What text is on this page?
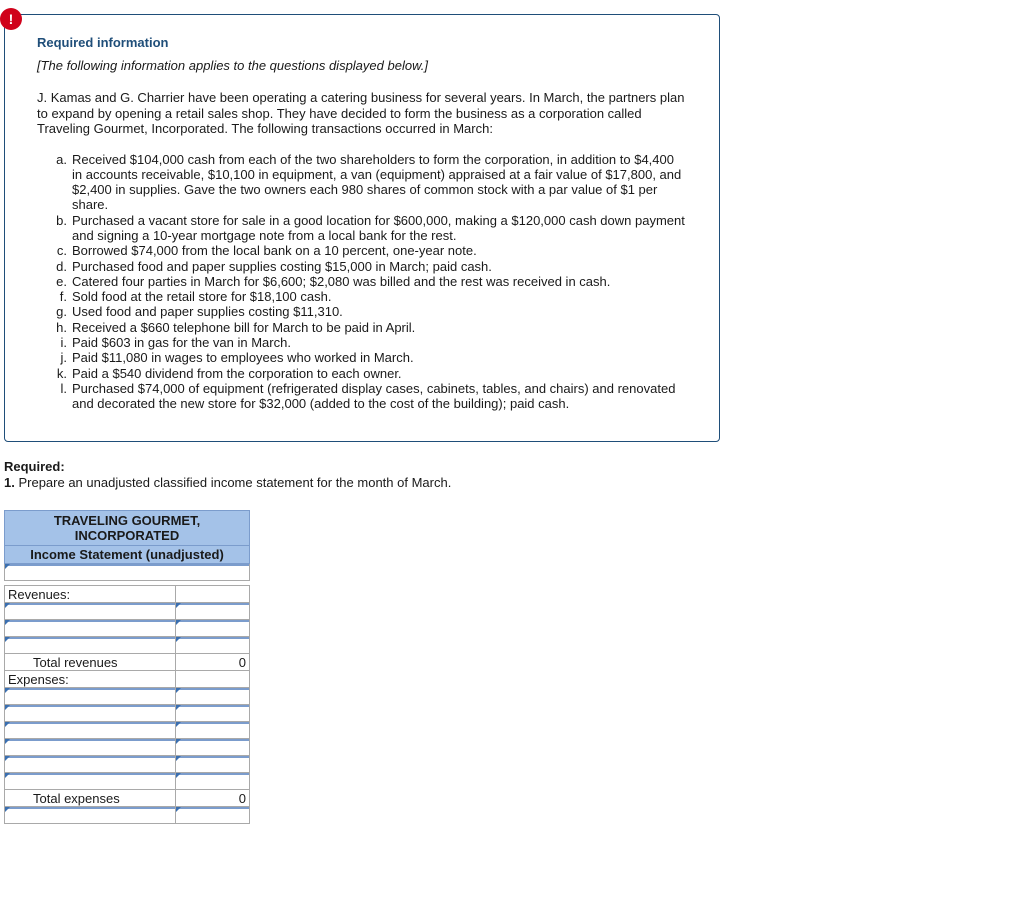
!

Required information

[The following information applies to the questions displayed below.]

J. Kamas and G. Charrier have been operating a catering business for several years. In March, the partners plan to expand by opening a retail sales shop. They have decided to form the business as a corporation called Traveling Gourmet, Incorporated. The following transactions occurred in March:

a. Received $104,000 cash from each of the two shareholders to form the corporation, in addition to $4,400 in accounts receivable, $10,100 in equipment, a van (equipment) appraised at a fair value of $17,800, and $2,400 in supplies. Gave the two owners each 980 shares of common stock with a par value of $1 per share.
b. Purchased a vacant store for sale in a good location for $600,000, making a $120,000 cash down payment and signing a 10-year mortgage note from a local bank for the rest.
c. Borrowed $74,000 from the local bank on a 10 percent, one-year note.
d. Purchased food and paper supplies costing $15,000 in March; paid cash.
e. Catered four parties in March for $6,600; $2,080 was billed and the rest was received in cash.
f. Sold food at the retail store for $18,100 cash.
g. Used food and paper supplies costing $11,310.
h. Received a $660 telephone bill for March to be paid in April.
i. Paid $603 in gas for the van in March.
j. Paid $11,080 in wages to employees who worked in March.
k. Paid a $540 dividend from the corporation to each owner.
l. Purchased $74,000 of equipment (refrigerated display cases, cabinets, tables, and chairs) and renovated and decorated the new store for $32,000 (added to the cost of the building); paid cash.
Required:
1. Prepare an unadjusted classified income statement for the month of March.
TRAVELING GOURMET,
INCORPORATED	

Income Statement (unadjusted)	

Revenues:	

Total revenues	0
Expenses:	

Total expenses	0
